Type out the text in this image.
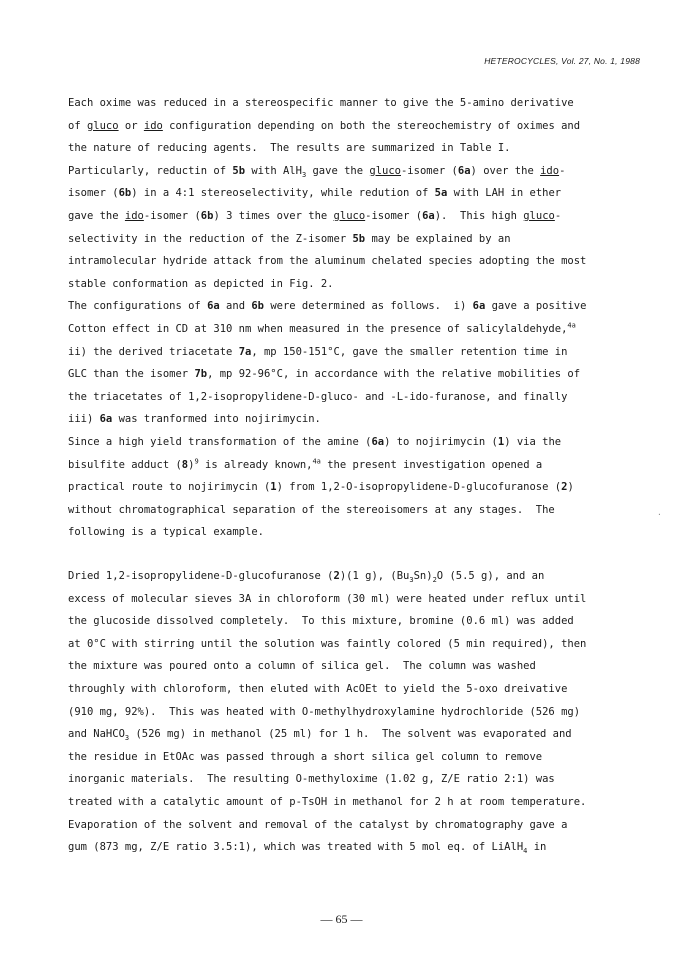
HETEROCYCLES, Vol. 27, No. 1, 1988
Each oxime was reduced in a stereospecific manner to give the 5-amino derivative
of gluco or ido configuration depending on both the stereochemistry of oximes and
the nature of reducing agents.  The results are summarized in Table I.
Particularly, reductin of 5b with AlH$_3$ gave the gluco-isomer (6a) over the ido-
isomer (6b) in a 4:1 stereoselectivity, while redution of 5a with LAH in ether
gave the ido-isomer (6b) 3 times over the gluco-isomer (6a).  This high gluco-
selectivity in the reduction of the Z-isomer 5b may be explained by an
intramolecular hydride attack from the aluminum chelated species adopting the most
stable conformation as depicted in Fig. 2.
The configurations of 6a and 6b were determined as follows.  i) 6a gave a positive
Cotton effect in CD at 310 nm when measured in the presence of salicylaldehyde,$^{4a}$
ii) the derived triacetate 7a, mp 150-151°C, gave the smaller retention time in
GLC than the isomer 7b, mp 92-96°C, in accordance with the relative mobilities of
the triacetates of 1,2-isopropylidene-D-gluco- and -L-ido-furanose, and finally
iii) 6a was tranformed into nojirimycin.
Since a high yield transformation of the amine (6a) to nojirimycin (1) via the
bisulfite adduct $(8)^9$ is already known,$^{4a}$ the present investigation opened a
practical route to nojirimycin (1) from 1,2-O-isopropylidene-D-glucofuranose (2)
without chromatographical separation of the stereoisomers at any stages.  The
following is a typical example.
Dried 1,2-isopropylidene-D-glucofuranose (2)(1 g), $(Bu_3Sn)_2O$ (5.5 g), and an
excess of molecular sieves 3A in chloroform (30 ml) were heated under reflux until
the glucoside dissolved completely.  To this mixture, bromine (0.6 ml) was added
at 0°C with stirring until the solution was faintly colored (5 min required), then
the mixture was poured onto a column of silica gel.  The column was washed
throughly with chloroform, then eluted with AcOEt to yield the 5-oxo dreivative
(910 mg, 92%).  This was heated with O-methylhydroxylamine hydrochloride (526 mg)
and NaHCO$_3$ (526 mg) in methanol (25 ml) for 1 h.  The solvent was evaporated and
the residue in EtOAc was passed through a short silica gel column to remove
inorganic materials.  The resulting O-methyloxime (1.02 g, Z/E ratio 2:1) was
treated with a catalytic amount of p-TsOH in methanol for 2 h at room temperature.
Evaporation of the solvent and removal of the catalyst by chromatography gave a
gum (873 mg, Z/E ratio 3.5:1), which was treated with 5 mol eq. of LiAlH$_4$ in
·
— 65 —
